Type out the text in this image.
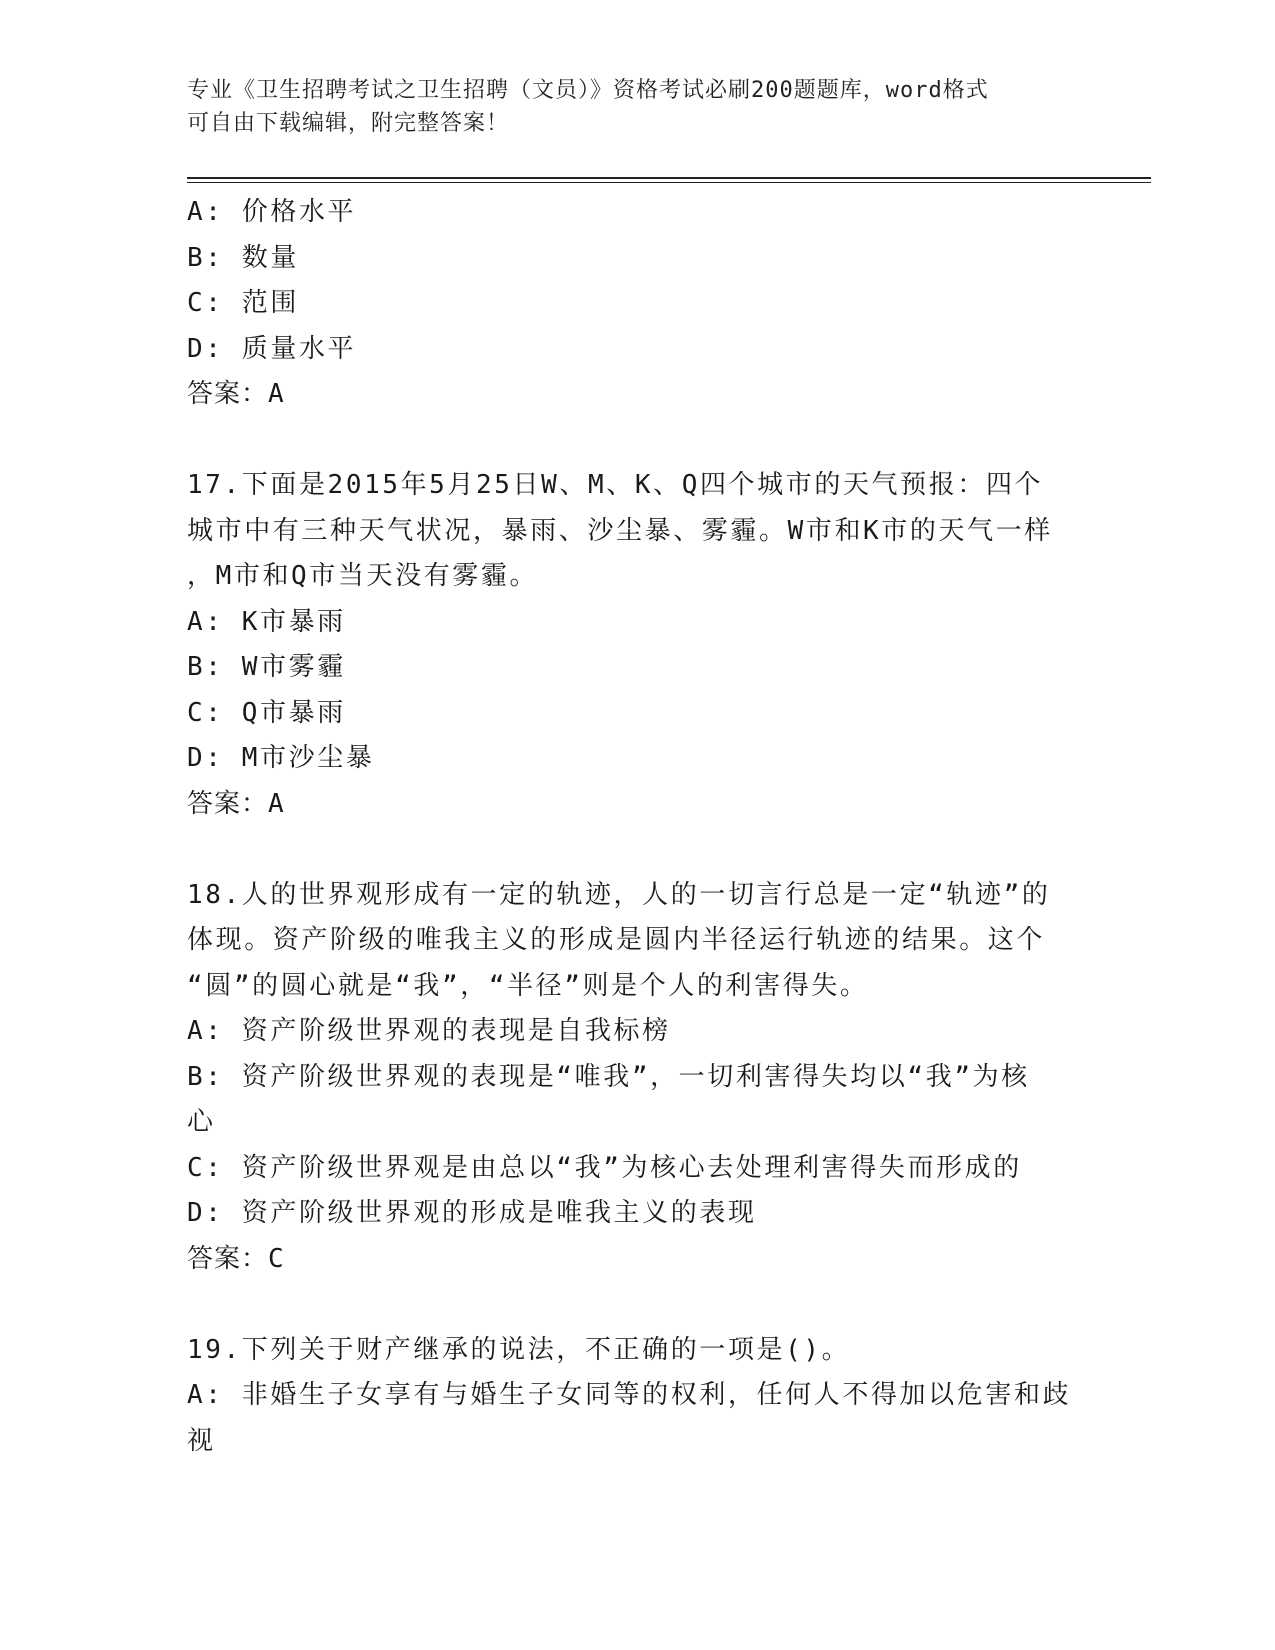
专业《卫生招聘考试之卫生招聘（文员）》资格考试必刷200题题库，word格式
可自由下载编辑，附完整答案！
A: 价格水平
B: 数量
C: 范围
D: 质量水平
答案：A
17.下面是2015年5月25日W、M、K、Q四个城市的天气预报：四个
城市中有三种天气状况，暴雨、沙尘暴、雾霾。W市和K市的天气一样
，M市和Q市当天没有雾霾。
A: K市暴雨
B: W市雾霾
C: Q市暴雨
D: M市沙尘暴
答案：A
18.人的世界观形成有一定的轨迹，人的一切言行总是一定“轨迹”的
体现。资产阶级的唯我主义的形成是圆内半径运行轨迹的结果。这个
“圆”的圆心就是“我”，“半径”则是个人的利害得失。
A: 资产阶级世界观的表现是自我标榜
B: 资产阶级世界观的表现是“唯我”，一切利害得失均以“我”为核
心
C: 资产阶级世界观是由总以“我”为核心去处理利害得失而形成的
D: 资产阶级世界观的形成是唯我主义的表现
答案：C
19.下列关于财产继承的说法，不正确的一项是()。
A: 非婚生子女享有与婚生子女同等的权利，任何人不得加以危害和歧
视
